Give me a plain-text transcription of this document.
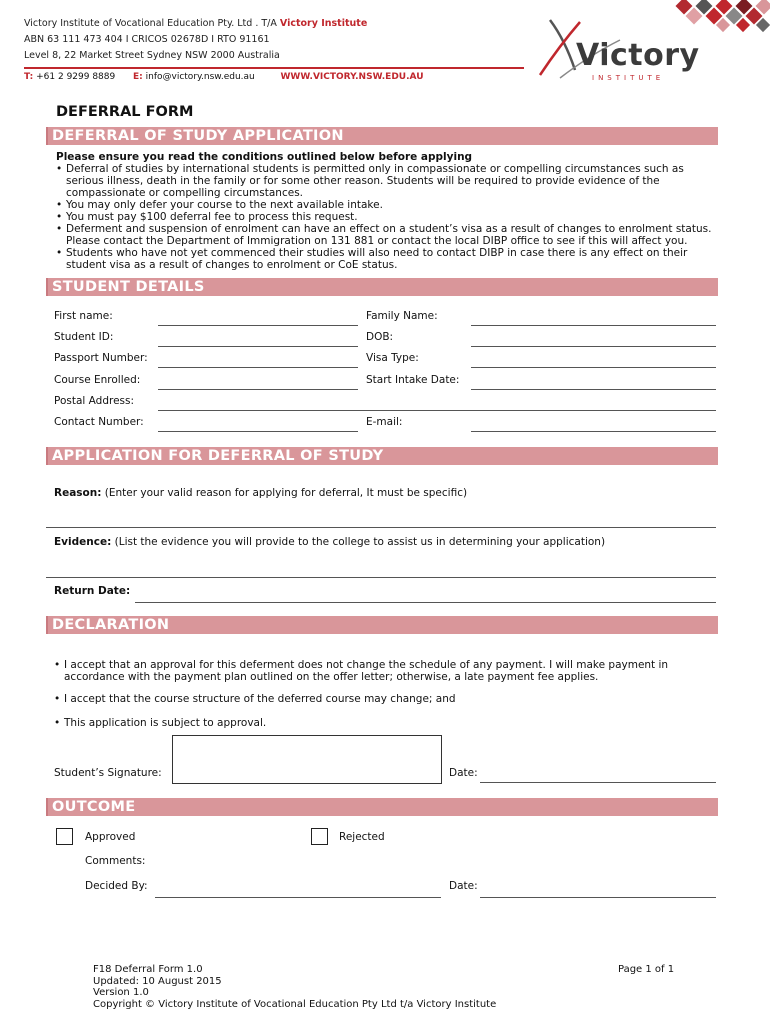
Victory Institute of Vocational Education Pty. Ltd . T/A Victory Institute
ABN 63 111 473 404 I CRICOS 02678D I RTO 91161
Level 8, 22 Market Street Sydney NSW 2000 Australia
T: +61 2 9299 8889 E: info@victory.nsw.edu.au	WWW.VICTORY.NSW.EDU.AU
Victory
INSTITUTE
DEFERRAL FORM
DEFERRAL OF STUDY APPLICATION
Please ensure you read the conditions outlined below before applying
• Deferral of studies by international students is permitted only in compassionate or compelling circumstances such as serious illness, death in the family or for some other reason. Students will be required to provide evidence of the compassionate or compelling circumstances.
• You may only defer your course to the next available intake.
• You must pay $100 deferral fee to process this request.
• Deferment and suspension of enrolment can have an effect on a student’s visa as a result of changes to enrolment status. Please contact the Department of Immigration on 131 881 or contact the local DIBP office to see if this will affect you.
• Students who have not yet commenced their studies will also need to contact DIBP in case there is any effect on their student visa as a result of changes to enrolment or CoE status.
STUDENT DETAILS
First name:	Family Name:
Student ID:	DOB:
Passport Number:	Visa Type:
Course Enrolled:	Start Intake Date:
Postal Address:
Contact Number:	E-mail:
APPLICATION FOR DEFERRAL OF STUDY
Reason: (Enter your valid reason for applying for deferral, It must be specific)
Evidence: (List the evidence you will provide to the college to assist us in determining your application)
Return Date:
DECLARATION
• I accept that an approval for this deferment does not change the schedule of any payment. I will make payment in accordance with the payment plan outlined on the offer letter; otherwise, a late payment fee applies.
• I accept that the course structure of the deferred course may change; and
• This application is subject to approval.
Student’s Signature:	Date:
OUTCOME
Approved	Rejected
Comments:
Decided By:	Date:
F18 Deferral Form 1.0
Updated: 10 August 2015
Version 1.0
Copyright © Victory Institute of Vocational Education Pty Ltd t/a Victory Institute
Page 1 of 1
